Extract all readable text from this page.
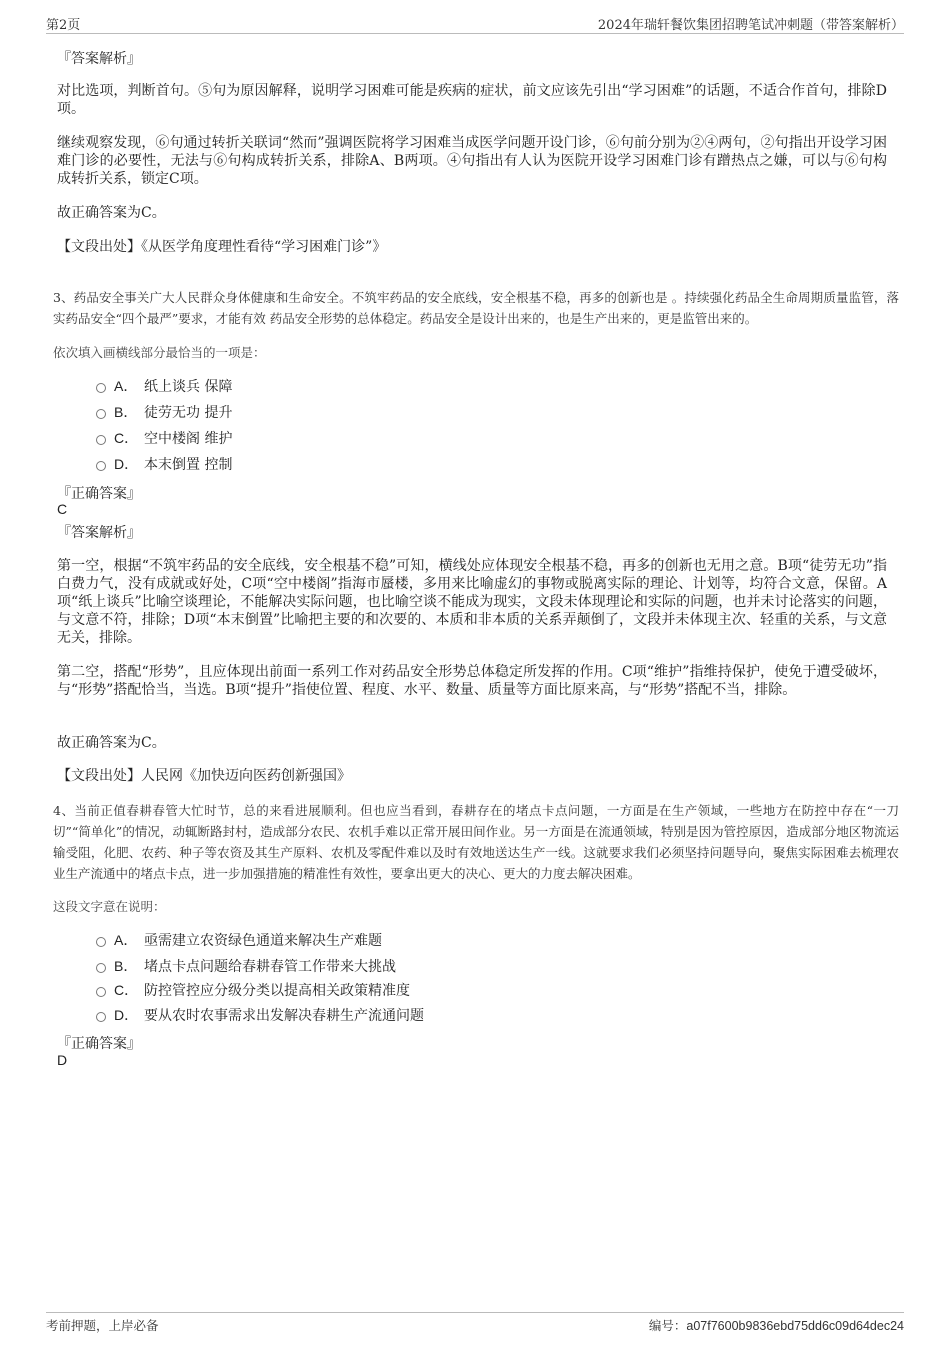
第2页	2024年瑞轩餐饮集团招聘笔试冲刺题（带答案解析）
『答案解析』
对比选项，判断首句。⑤句为原因解释，说明学习困难可能是疾病的症状，前文应该先引出“学习困难”的话题，不适合作首句，排除D项。
继续观察发现，⑥句通过转折关联词“然而”强调医院将学习困难当成医学问题开设门诊，⑥句前分别为②④两句，②句指出开设学习困难门诊的必要性，无法与⑥句构成转折关系，排除A、B两项。④句指出有人认为医院开设学习困难门诊有蹭热点之嫌，可以与⑥句构成转折关系，锁定C项。
故正确答案为C。
【文段出处】《从医学角度理性看待“学习困难门诊”》
3、药品安全事关广大人民群众身体健康和生命安全。不筑牢药品的安全底线，安全根基不稳，再多的创新也是 。持续强化药品全生命周期质量监管，落实药品安全“四个最严”要求，才能有效 药品安全形势的总体稳定。药品安全是设计出来的，也是生产出来的，更是监管出来的。
依次填入画横线部分最恰当的一项是：
A． 纸上谈兵 保障
B． 徒劳无功 提升
C． 空中楼阁 维护
D． 本末倒置 控制
『正确答案』
C
『答案解析』
第一空，根据“不筑牢药品的安全底线，安全根基不稳”可知，横线处应体现安全根基不稳，再多的创新也无用之意。B项“徒劳无功”指白费力气，没有成就或好处，C项“空中楼阁”指海市蜃楼，多用来比喻虚幻的事物或脱离实际的理论、计划等，均符合文意，保留。A项“纸上谈兵”比喻空谈理论，不能解决实际问题，也比喻空谈不能成为现实，文段未体现理论和实际的问题，也并未讨论落实的问题，与文意不符，排除；D项“本末倒置”比喻把主要的和次要的、本质和非本质的关系弄颠倒了，文段并未体现主次、轻重的关系，与文意无关，排除。
第二空，搭配“形势”，且应体现出前面一系列工作对药品安全形势总体稳定所发挥的作用。C项“维护”指维持保护，使免于遭受破坏，与“形势”搭配恰当，当选。B项“提升”指使位置、程度、水平、数量、质量等方面比原来高，与“形势”搭配不当，排除。
故正确答案为C。
【文段出处】人民网《加快迈向医药创新强国》
4、当前正值春耕春管大忙时节，总的来看进展顺利。但也应当看到，春耕存在的堵点卡点问题，一方面是在生产领域，一些地方在防控中存在“一刀切”“简单化”的情况，动辄断路封村，造成部分农民、农机手难以正常开展田间作业。另一方面是在流通领域，特别是因为管控原因，造成部分地区物流运输受阻，化肥、农药、种子等农资及其生产原料、农机及零配件难以及时有效地送达生产一线。这就要求我们必须坚持问题导向，聚焦实际困难去梳理农业生产流通中的堵点卡点，进一步加强措施的精准性有效性，要拿出更大的决心、更大的力度去解决困难。
这段文字意在说明：
A． 亟需建立农资绿色通道来解决生产难题
B． 堵点卡点问题给春耕春管工作带来大挑战
C． 防控管控应分级分类以提高相关政策精准度
D． 要从农时农事需求出发解决春耕生产流通问题
『正确答案』
D
考前押题，上岸必备	编号：a07f7600b9836ebd75dd6c09d64dec24
